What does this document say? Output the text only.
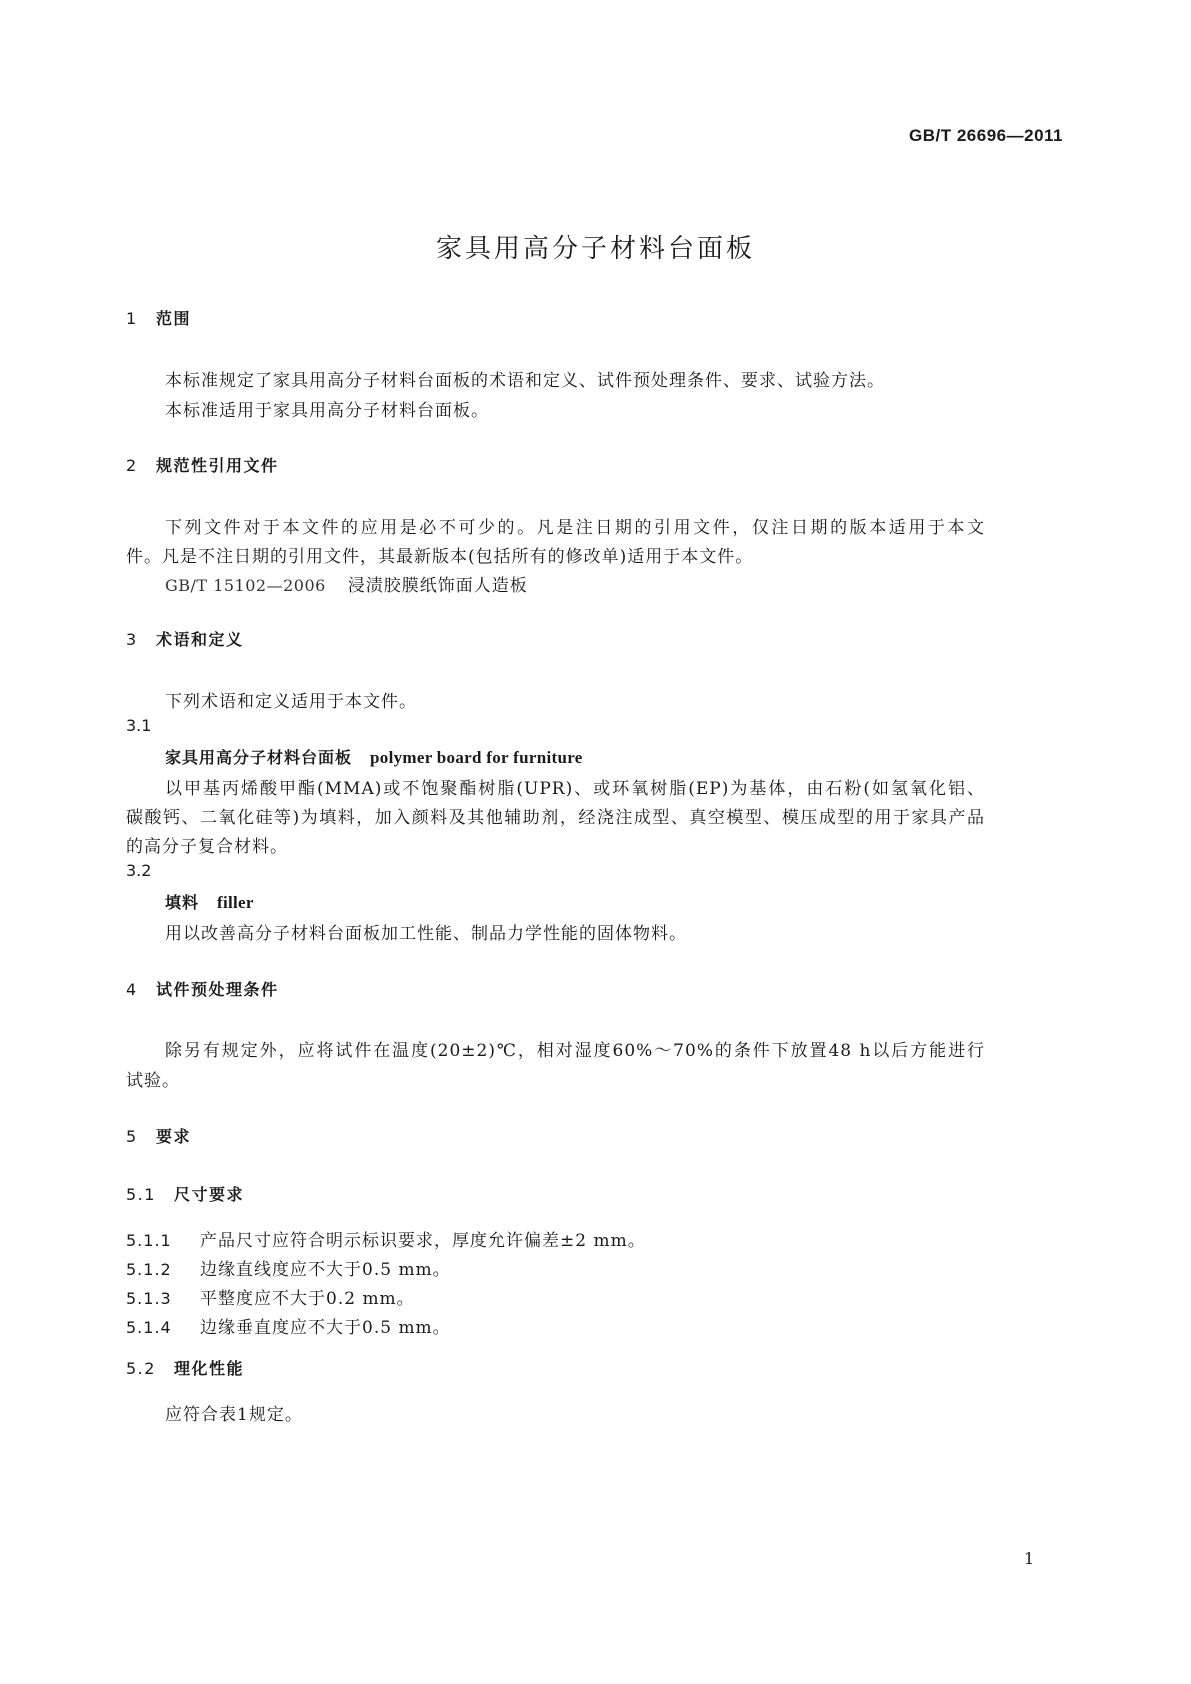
GB/T 26696—2011
家具用高分子材料台面板
1 范围
本标准规定了家具用高分子材料台面板的术语和定义、试件预处理条件、要求、试验方法。
本标准适用于家具用高分子材料台面板。
2 规范性引用文件
下列文件对于本文件的应用是必不可少的。凡是注日期的引用文件，仅注日期的版本适用于本文
件。凡是不注日期的引用文件，其最新版本(包括所有的修改单)适用于本文件。
GB/T 15102—2006 浸渍胶膜纸饰面人造板
3 术语和定义
下列术语和定义适用于本文件。
3.1
家具用高分子材料台面板 polymer board for furniture
以甲基丙烯酸甲酯(MMA)或不饱聚酯树脂(UPR)、或环氧树脂(EP)为基体，由石粉(如氢氧化铝、
碳酸钙、二氧化硅等)为填料，加入颜料及其他辅助剂，经浇注成型、真空模型、模压成型的用于家具产品
的高分子复合材料。
3.2
填料 filler
用以改善高分子材料台面板加工性能、制品力学性能的固体物料。
4 试件预处理条件
除另有规定外，应将试件在温度(20±2)℃，相对湿度60%～70%的条件下放置48 h以后方能进行
试验。
5 要求
5.1 尺寸要求
5.1.1 产品尺寸应符合明示标识要求，厚度允许偏差±2 mm。
5.1.2 边缘直线度应不大于0.5 mm。
5.1.3 平整度应不大于0.2 mm。
5.1.4 边缘垂直度应不大于0.5 mm。
5.2 理化性能
应符合表1规定。
1
